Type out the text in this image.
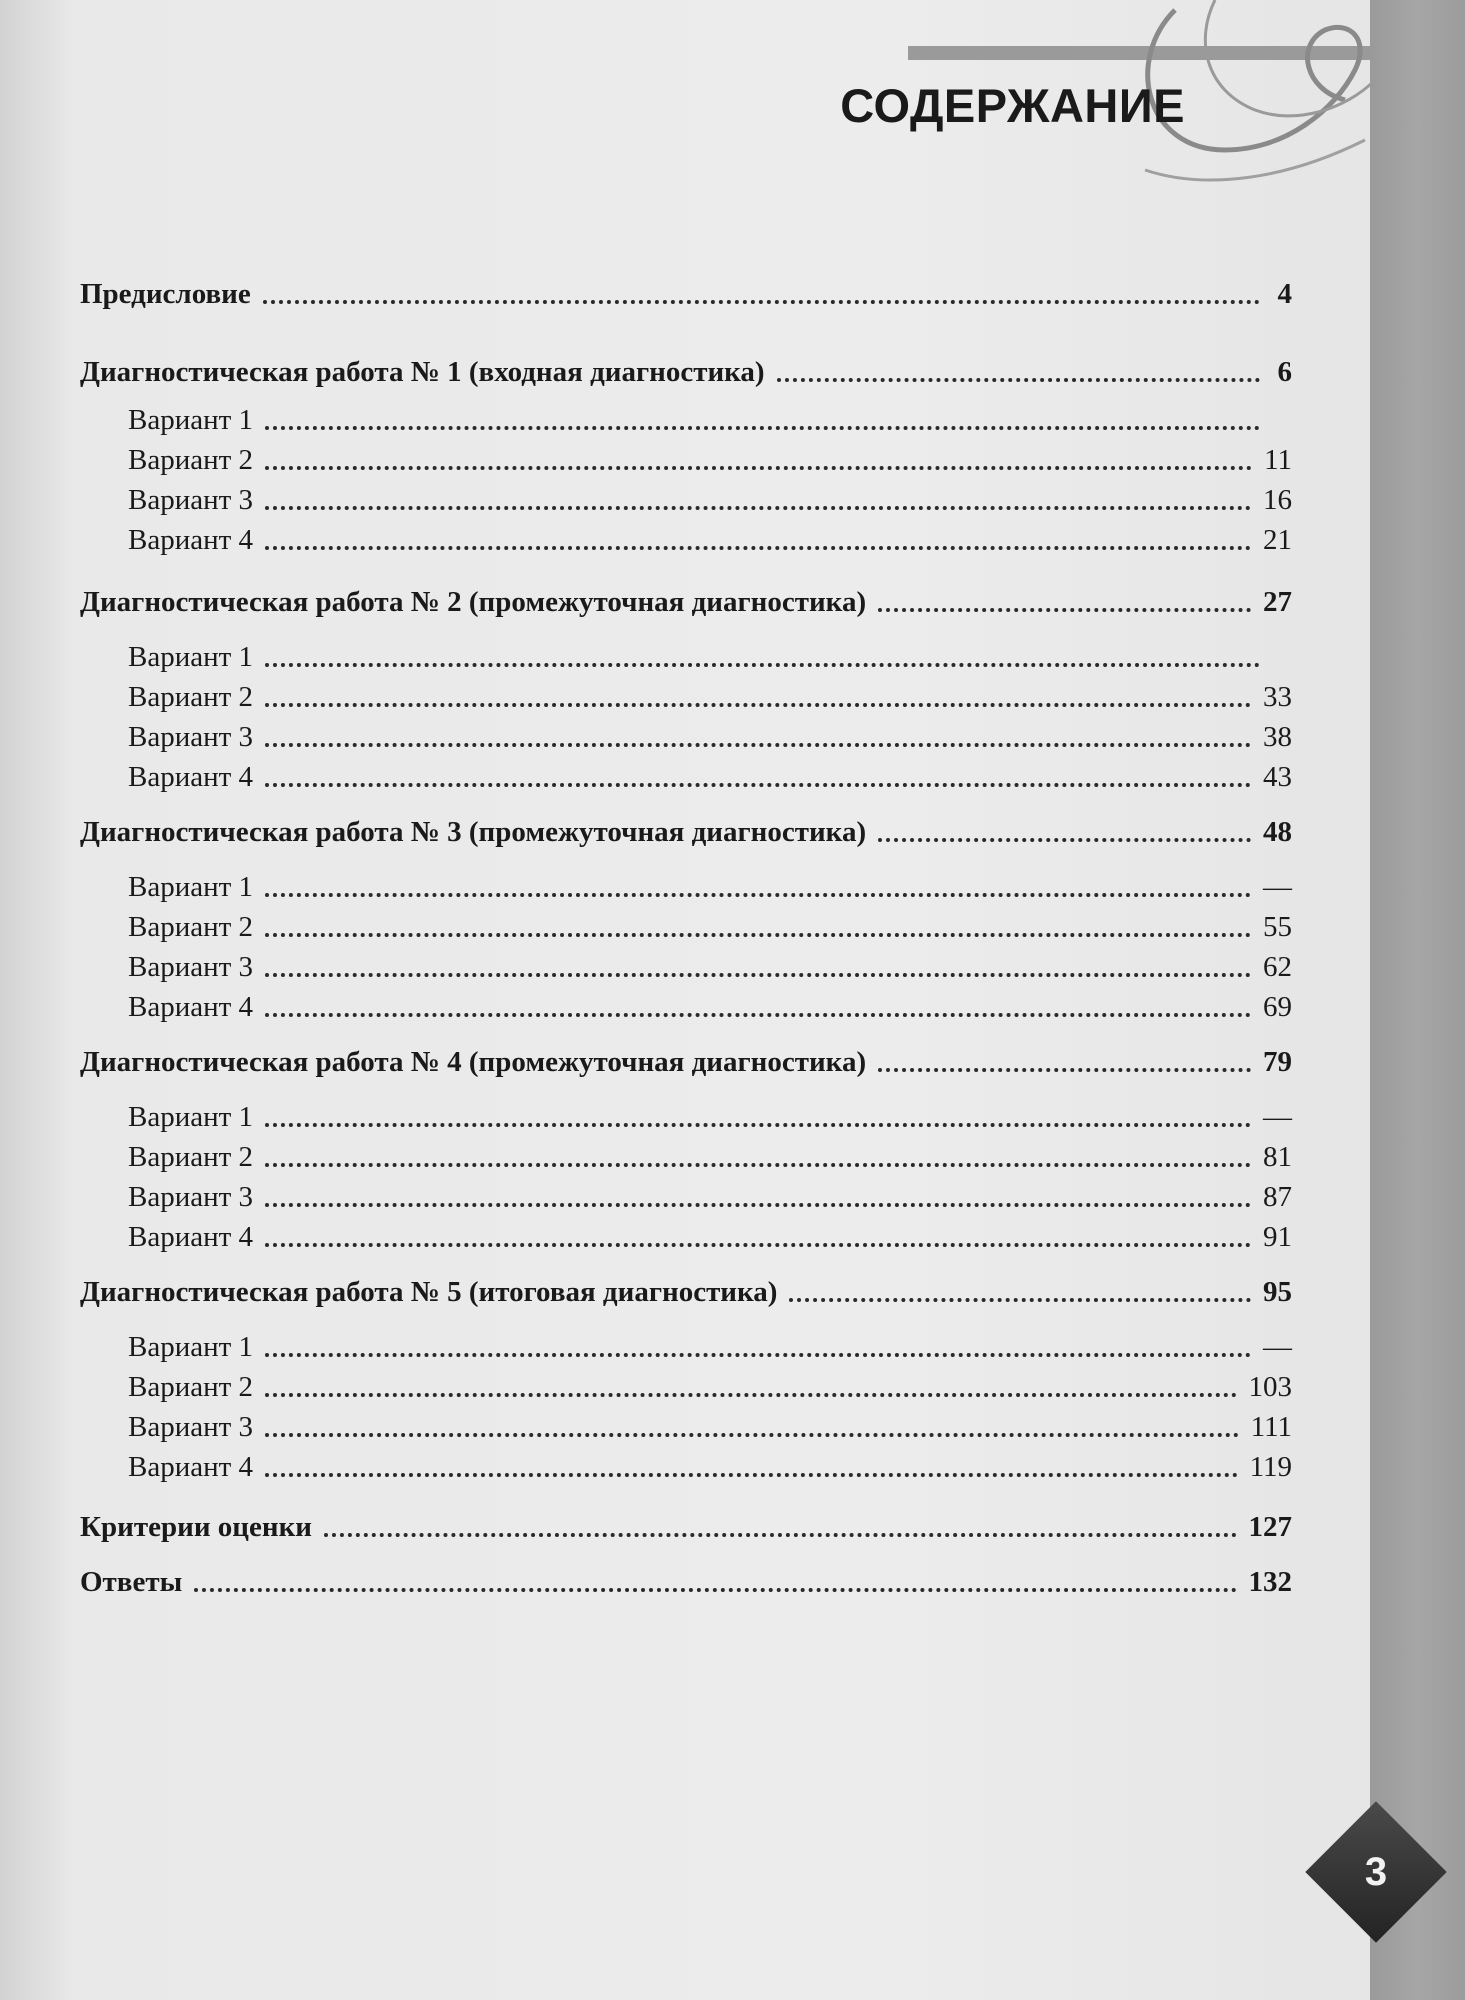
СОДЕРЖАНИЕ
Предисловие	4
Диагностическая работа № 1 (входная диагностика)	6
Вариант 1
Вариант 2	11
Вариант 3	16
Вариант 4	21
Диагностическая работа № 2 (промежуточная диагностика)	27
Вариант 1
Вариант 2	33
Вариант 3	38
Вариант 4	43
Диагностическая работа № 3 (промежуточная диагностика)	48
Вариант 1	—
Вариант 2	55
Вариант 3	62
Вариант 4	69
Диагностическая работа № 4 (промежуточная диагностика)	79
Вариант 1	—
Вариант 2	81
Вариант 3	87
Вариант 4	91
Диагностическая работа № 5 (итоговая диагностика)	95
Вариант 1	—
Вариант 2	103
Вариант 3	111
Вариант 4	119
Критерии оценки	127
Ответы	132
3
